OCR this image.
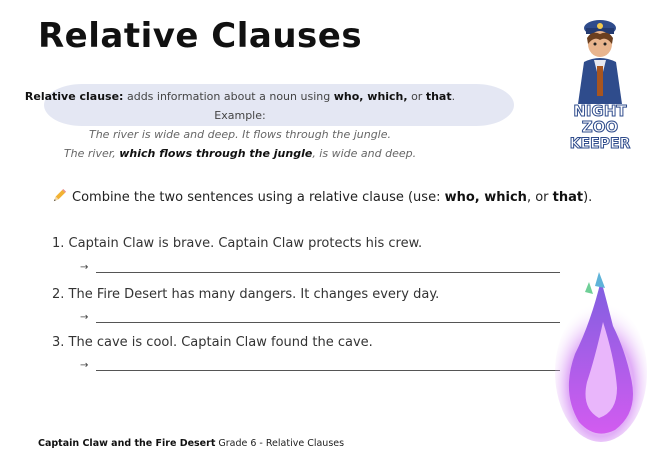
Relative Clauses
Relative clause: adds information about a noun using who, which, or that.
Example:
The river is wide and deep. It flows through the jungle.
The river, which flows through the jungle, is wide and deep.
Combine the two sentences using a relative clause (use: who, which, or that).
1. Captain Claw is brave. Captain Claw protects his crew.
→
2. The Fire Desert has many dangers. It changes every day.
→
3. The cave is cool. Captain Claw found the cave.
→
Captain Claw and the Fire Desert Grade 6 - Relative Clauses
NIGHT
ZOO
KEEPER
